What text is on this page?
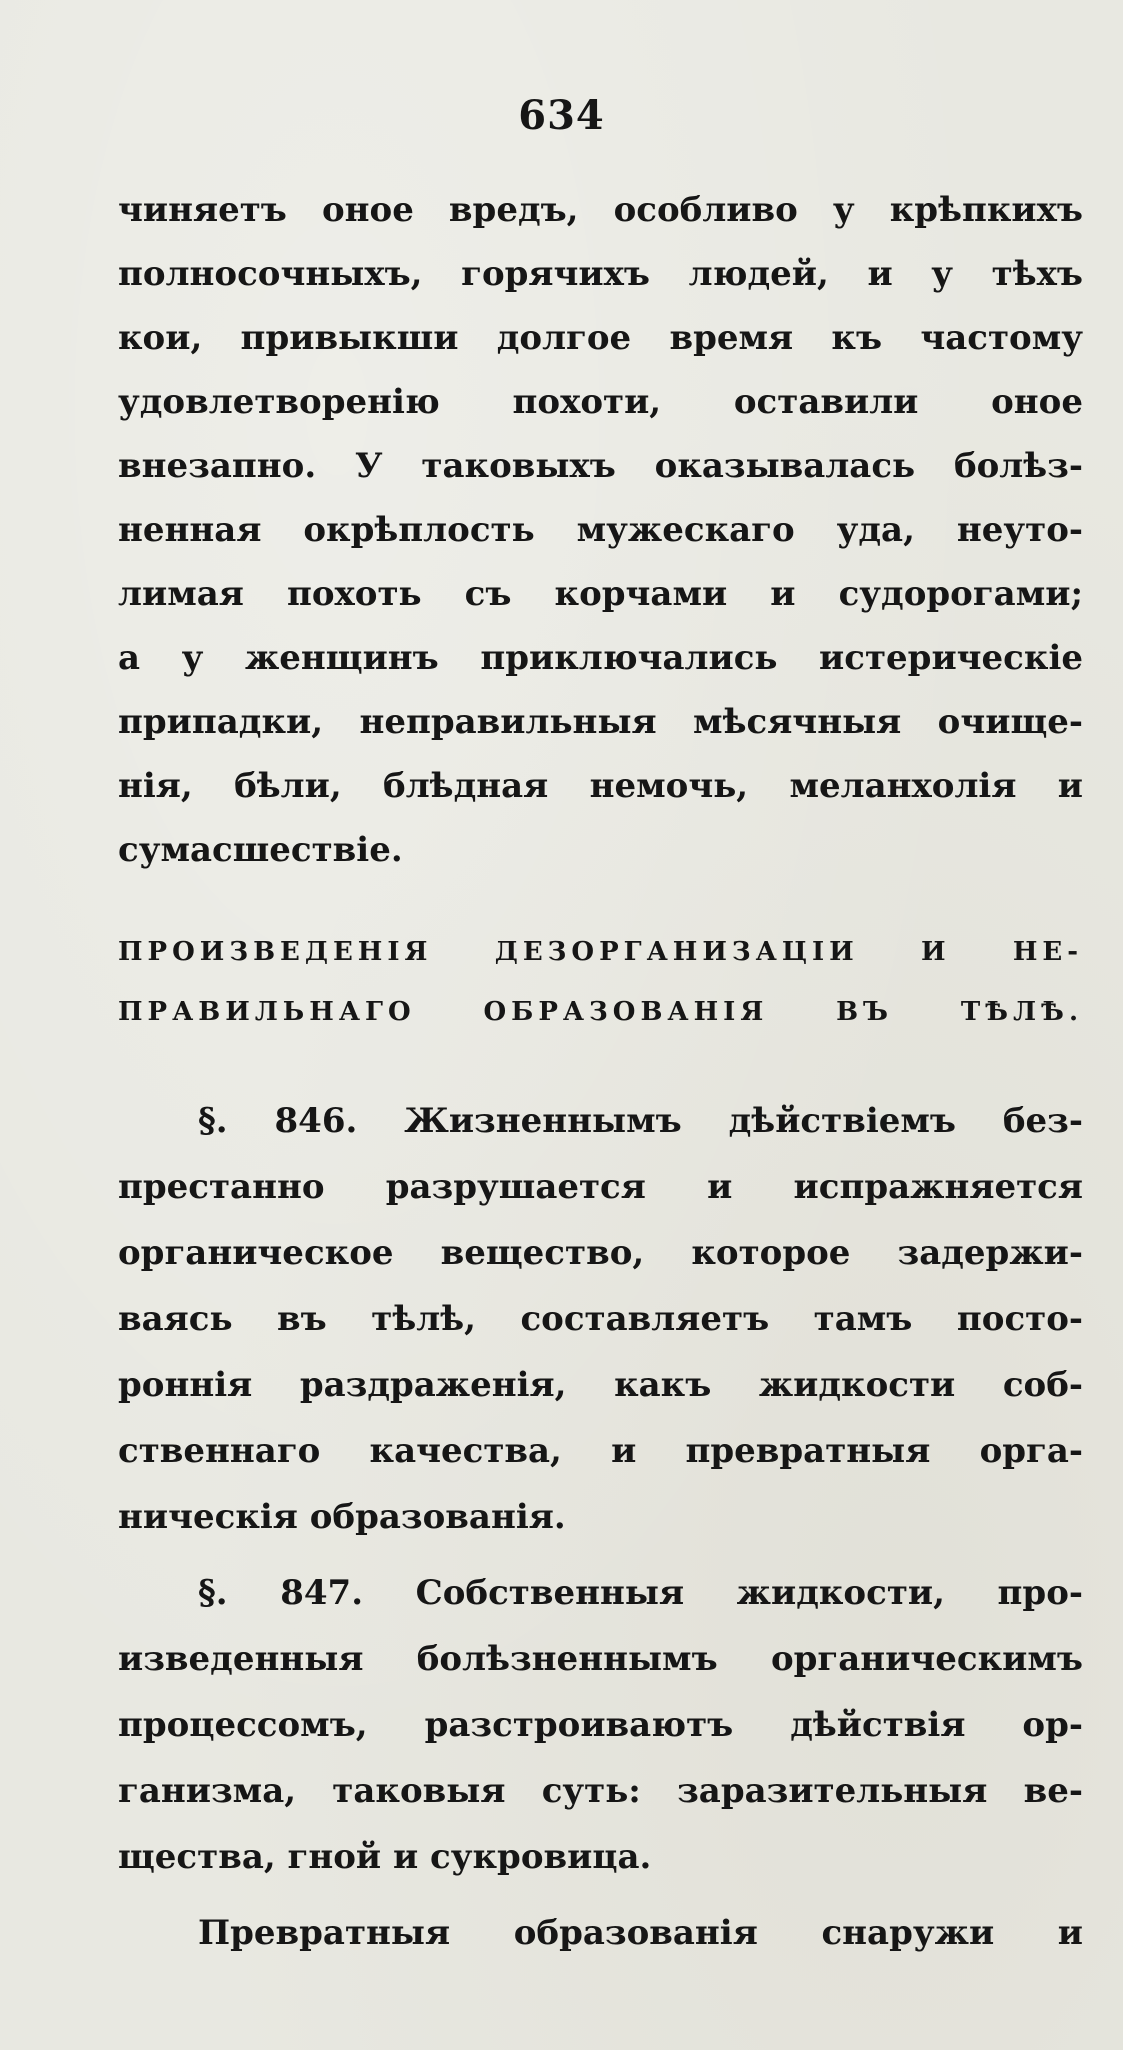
634
чиняетъ оное вредъ, особливо у крѣпкихъ
полносочныхъ, горячихъ людей, и у тѣхъ
кои, привыкши долгое время къ частому
удовлетворенію похоти, оставили оное
внезапно. У таковыхъ оказывалась болѣз-
ненная окрѣплость мужескаго уда, неуто-
лимая похоть съ корчами и судорогами;
а у женщинъ приключались истерическіе
припадки, неправильныя мѣсячныя очище-
нія, бѣли, блѣдная немочь, меланхолія и
сумасшествіе.
ПРОИЗВЕДЕНІЯ ДЕЗОРГАНИЗАЦІИ И НЕ-
ПРАВИЛЬНАГО ОБРАЗОВАНІЯ ВЪ ТѢЛѢ.
§. 846. Жизненнымъ дѣйствіемъ без-
престанно разрушается и испражняется
органическое вещество, которое задержи-
ваясь въ тѣлѣ, составляетъ тамъ посто-
роннія раздраженія, какъ жидкости соб-
ственнаго качества, и превратныя орга-
ническія образованія.
§. 847. Собственныя жидкости, про-
изведенныя болѣзненнымъ органическимъ
процессомъ, разстроиваютъ дѣйствія ор-
ганизма, таковыя суть: заразительныя ве-
щества, гной и сукровица.
Превратныя образованія снаружи и
